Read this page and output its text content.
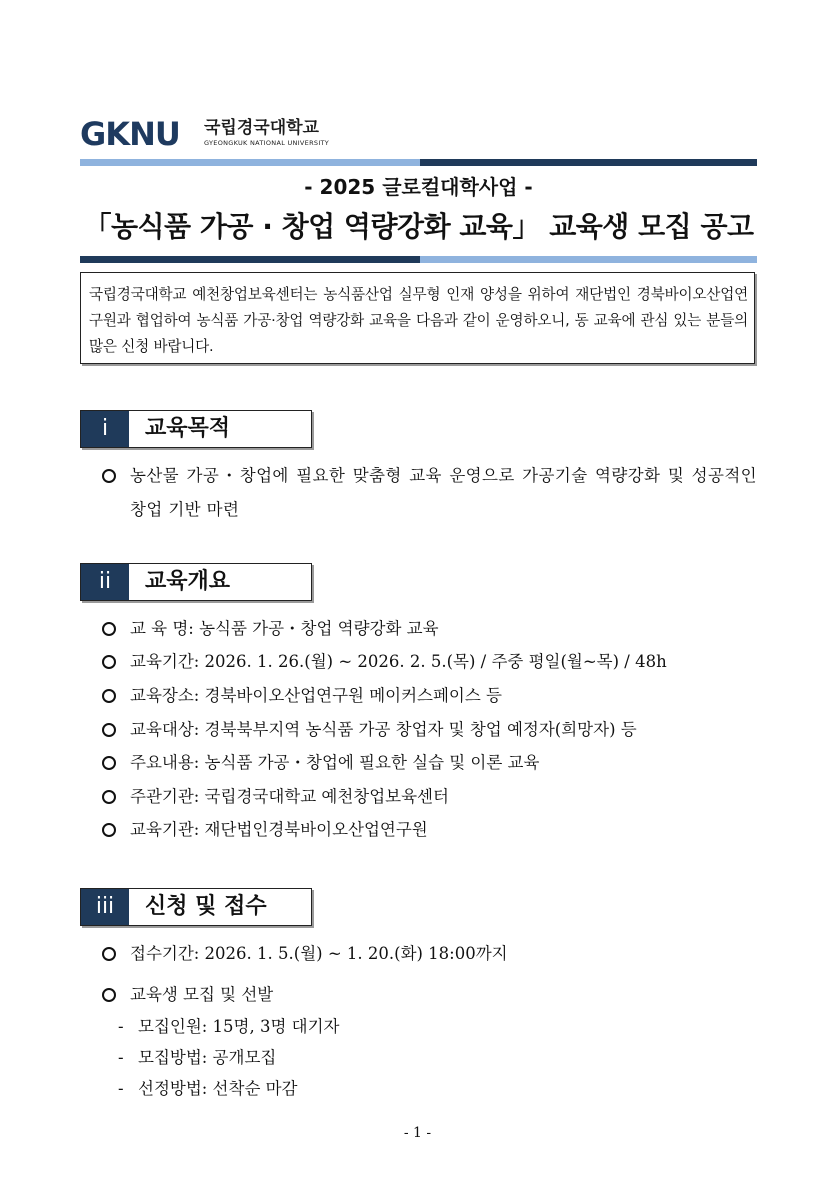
GKNU 국립경국대학교
GYEONGKUK NATIONAL UNIVERSITY
- 2025 글로컬대학사업 -
「농식품 가공 · 창업 역량강화 교육」 교육생 모집 공고
국립경국대학교 예천창업보육센터는 농식품산업 실무형 인재 양성을 위하여 재단법인 경북바이오산업연구원과 협업하여 농식품 가공·창업 역량강화 교육을 다음과 같이 운영하오니, 동 교육에 관심 있는 분들의 많은 신청 바랍니다.
i	교육목적
농산물 가공・창업에 필요한 맞춤형 교육 운영으로 가공기술 역량강화 및 성공적인 창업 기반 마련
ii	교육개요
교 육 명: 농식품 가공・창업 역량강화 교육
교육기간: 2026. 1. 26.(월) ~ 2026. 2. 5.(목) / 주중 평일(월~목) / 48h
교육장소: 경북바이오산업연구원 메이커스페이스 등
교육대상: 경북북부지역 농식품 가공 창업자 및 창업 예정자(희망자) 등
주요내용: 농식품 가공・창업에 필요한 실습 및 이론 교육
주관기관: 국립경국대학교 예천창업보육센터
교육기관: 재단법인경북바이오산업연구원
iii	신청 및 접수
접수기간: 2026. 1. 5.(월) ~ 1. 20.(화) 18:00까지
교육생 모집 및 선발
- 모집인원: 15명, 3명 대기자
- 모집방법: 공개모집
- 선정방법: 선착순 마감
- 1 -
